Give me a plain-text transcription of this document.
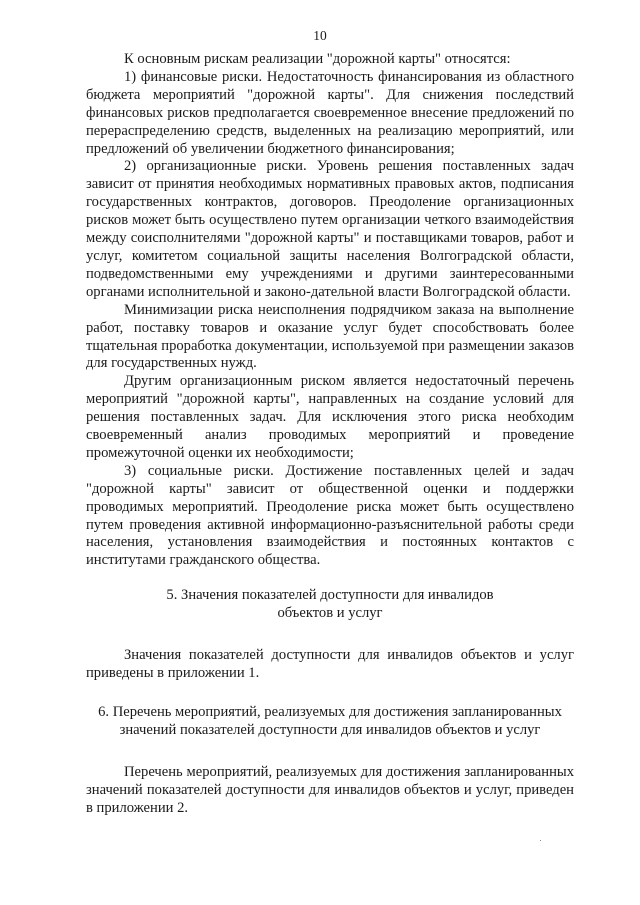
10

К основным рискам реализации "дорожной карты" относятся:

1) финансовые риски. Недостаточность финансирования из областного бюджета мероприятий "дорожной карты". Для снижения последствий финансовых рисков предполагается своевременное внесение предложений по перераспределению средств, выделенных на реализацию мероприятий, или предложений об увеличении бюджетного финансирования;

2) организационные риски. Уровень решения поставленных задач зависит от принятия необходимых нормативных правовых актов, подписания государственных контрактов, договоров. Преодоление организационных рисков может быть осуществлено путем организации четкого взаимодействия между соисполнителями "дорожной карты" и поставщиками товаров, работ и услуг, комитетом социальной защиты населения Волгоградской области, подведомственными ему учреждениями и другими заинтересованными органами исполнительной и законо-дательной власти Волгоградской области.

Минимизации риска неисполнения подрядчиком заказа на выполнение работ, поставку товаров и оказание услуг будет способствовать более тщательная проработка документации, используемой при размещении заказов для государственных нужд.

Другим организационным риском является недостаточный перечень мероприятий "дорожной карты", направленных на создание условий для решения поставленных задач. Для исключения этого риска необходим своевременный анализ проводимых мероприятий и проведение промежуточной оценки их необходимости;

3) социальные риски. Достижение поставленных целей и задач "дорожной карты" зависит от общественной оценки и поддержки проводимых мероприятий. Преодоление риска может быть осуществлено путем проведения активной информационно-разъяснительной работы среди населения, установления взаимодействия и постоянных контактов с институтами гражданского общества.

5. Значения показателей доступности для инвалидов
объектов и услуг

Значения показателей доступности для инвалидов объектов и услуг приведены в приложении 1.

6. Перечень мероприятий, реализуемых для достижения запланированных
значений показателей доступности для инвалидов объектов и услуг

Перечень мероприятий, реализуемых для достижения запланированных значений показателей доступности для инвалидов объектов и услуг, приведен в приложении 2.
